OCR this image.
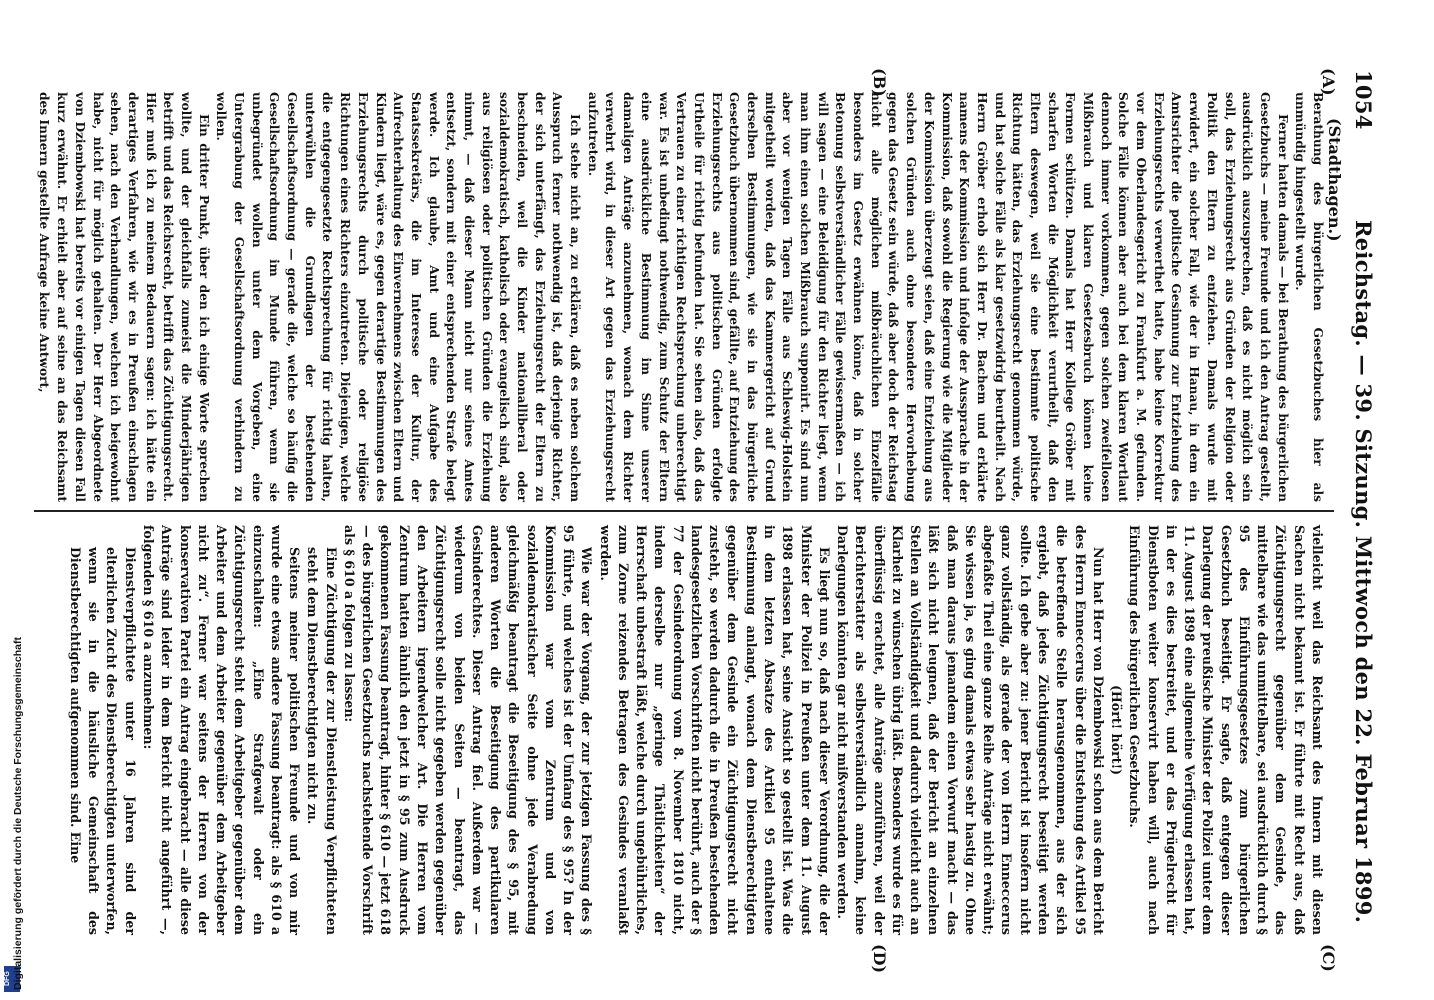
1054
Reichstag. — 39. Sitzung. Mittwoch den 22. Februar 1899.
(Stadthagen.)
(A)
(B)
(C)
(D)

Berathung des bürgerlichen Gesetzbuches hier als unmündig hingestellt wurde.

Ferner hatten damals — bei Berathung des bürgerlichen Gesetzbuchs — meine Freunde und ich den Antrag gestellt, ausdrücklich auszusprechen, daß es nicht möglich sein soll, das Erziehungsrecht aus Gründen der Religion oder Politik den Eltern zu entziehen. Damals wurde mit erwidert, ein solcher Fall, wie der in Hanau, in dem ein Amtsrichter die politische Gesinnung zur Entziehung des Erziehungsrechts verwerthet hatte, habe keine Korrektur vor dem Oberlandesgericht zu Frankfurt a. M. gefunden. Solche Fälle können aber auch bei dem klaren Wortlaut dennoch immer vorkommen, gegen solchen zweifellosen Mißbrauch und klaren Gesetzesbruch können keine Formen schützen. Damals hat Herr Kollege Gröber mit scharfen Worten die Möglichkeit verurtheilt, daß den Eltern deswegen, weil sie eine bestimmte politische Richtung hätten, das Erziehungsrecht genommen würde, und hat solche Fälle als klar gesetzwidrig beurtheilt. Nach Herrn Gröber erhob sich Herr Dr. Bachem und erklärte namens der Kommission und infolge der Aussprache in der Kommission, daß sowohl die Regierung wie die Mitglieder der Kommission überzeugt seien, daß eine Entziehung aus solchen Gründen auch ohne besondere Hervorhebung gegen das Gesetz sein würde, daß aber doch der Reichstag nicht alle möglichen mißbräuchlichen Einzelfälle besonders im Gesetz erwähnen könne, daß in solcher Betonung selbstverständlicher Fälle gewissermaßen — ich will sagen — eine Beleidigung für den Richter liegt, wenn man ihm einen solchen Mißbrauch supponirt. Es sind nun aber vor wenigen Tagen Fälle aus Schleswig-Holstein mitgetheilt worden, daß das Kammergericht auf Grund derselben Bestimmungen, wie sie in das bürgerliche Gesetzbuch übernommen sind, gefällte, auf Entziehung des Erziehungsrechts aus politischen Gründen erfolgte Urtheile für richtig befunden hat. Sie sehen also, daß das Vertrauen zu einer richtigen Rechtsprechung unberechtigt war. Es ist unbedingt nothwendig, zum Schutz der Eltern eine ausdrückliche Bestimmung im Sinne unserer damaligen Anträge anzunehmen, wonach dem Richter verwehrt wird, in dieser Art gegen das Erziehungsrecht aufzutreten.

Ich stehe nicht an, zu erklären, daß es neben solchem Ausspruch ferner nothwendig ist, daß derjenige Richter, der sich unterfängt, das Erziehungsrecht der Eltern zu beschneiden, weil die Kinder nationalliberal oder sozialdemokratisch, katholisch oder evangelisch sind, also aus religiösen oder politischen Gründen die Erziehung nimmt, — daß dieser Mann nicht nur seines Amtes entsetzt, sondern mit einer entsprechenden Strafe belegt werde. Ich glaube, Amt und eine Aufgabe des Staatssekretärs, die im Interesse der Kultur, der Aufrechterhaltung des Einvernehmens zwischen Eltern und Kindern liegt, wäre es, gegen derartige Bestimmungen des Erziehungsrechts durch politische oder religiöse Richtungen eines Richters einzutreten. Diejenigen, welche die entgegengesetzte Rechtsprechung für richtig halten, unterwühlen die Grundlagen der bestehenden Gesellschaftsordnung — gerade die, welche so häufig die Gesellschaftsordnung im Munde führen, wenn sie unbegründet wollen unter dem Vorgeben, eine Untergrabung der Gesellschaftsordnung verhindern zu wollen.

Ein dritter Punkt, über den ich einige Worte sprechen wollte, und der gleichfalls zumeist die Minderjährigen betrifft und das Reichsrecht, betrifft das Züchtigungsrecht. Hier muß ich zu meinem Bedauern sagen: ich hätte ein derartiges Verfahren, wie wir es in Preußen einschlagen sehen, nach den Verhandlungen, welchen ich beigewohnt habe, nicht für möglich gehalten. Der Herr Abgeordnete von Dziembowski hat bereits vor einigen Tagen diesen Fall kurz erwähnt. Er erhielt aber auf seine an das Reichsamt des Innern gestellte Anfrage keine Antwort,

vielleicht weil das Reichsamt des Innern mit diesen Sachen nicht bekannt ist. Er führte mit Recht aus, daß Züchtigungsrecht gegenüber dem Gesinde, das mittelbare wie das unmittelbare, sei ausdrücklich durch § 95 des Einführungsgesetzes zum bürgerlichen Gesetzbuch beseitigt. Er sagte, daß entgegen dieser Darlegung der preußische Minister der Polizei unter dem 11. August 1898 eine allgemeine Verfügung erlassen hat, in der es dies bestreitet, und er das Prügelrecht für Dienstboten weiter konservirt haben will, auch nach Einführung des bürgerlichen Gesetzbuchs.

(Hört! hört!)

Nun hat Herr von Dziembowski schon aus dem Bericht des Herrn Enneccerus über die Entstehung des Artikel 95 die betreffende Stelle herausgenommen, aus der sich ergiebt, daß jedes Züchtigungsrecht beseitigt werden sollte. Ich gebe aber zu: jener Bericht ist insofern nicht ganz vollständig, als gerade der von Herrn Enneccerus abgefaßte Theil eine ganze Reihe Anträge nicht erwähnt; Sie wissen ja, es ging damals etwas sehr hastig zu. Ohne daß man daraus jemandem einen Vorwurf macht — das läßt sich nicht leugnen, daß der Bericht an einzelnen Stellen an Vollständigkeit und dadurch vielleicht auch an Klarheit zu wünschen übrig läßt. Besonders wurde es für überflüssig erachtet, alle Anträge anzuführen, weil der Berichterstatter als selbstverständlich annahm, keine Darlegungen könnten gar nicht mißverstanden werden.

Es liegt nun so, daß nach dieser Verordnung, die der Minister der Polizei in Preußen unter dem 11. August 1898 erlassen hat, seine Ansicht so gestellt ist. Was die in dem letzten Absatze des Artikel 95 enthaltene Bestimmung anlangt, wonach dem Dienstberechtigten gegenüber dem Gesinde ein Züchtigungsrecht nicht zusteht, so werden dadurch die in Preußen bestehenden landesgesetzlichen Vorschriften nicht berührt, auch der § 77 der Gesindeordnung vom 8. November 1810 nicht, indem derselbe nur „geringe Thätlichkeiten“ der Herrschaft unbestraft läßt, welche durch ungebührliches, zum Zorne reizendes Betragen des Gesindes veranlaßt werden.

Wie war der Vorgang, der zur jetzigen Fassung des § 95 führte, und welches ist der Umfang des § 95? In der Kommission war vom Zentrum und von sozialdemokratischer Seite ohne jede Verabredung gleichmäßig beantragt die Beseitigung des § 95, mit anderen Worten die Beseitigung des partikularen Gesinderechtes. Dieser Antrag fiel. Außerdem war — wiederum von beiden Seiten — beantragt, das Züchtigungsrecht solle nicht gegeben werden gegenüber den Arbeitern irgendwelcher Art. Die Herren vom Zentrum hatten ähnlich den jetzt in § 95 zum Ausdruck gekommenen Fassung beantragt, hinter § 610 — jetzt 618 — des bürgerlichen Gesetzbuchs nachstehende Vorschrift als § 610 a folgen zu lassen:

Eine Züchtigung der zur Dienstleistung Verpflichteten steht dem Dienstberechtigten nicht zu.

Seitens meiner politischen Freunde und von mir wurde eine etwas andere Fassung beantragt: als § 610 a einzuschalten: „Eine Strafgewalt oder ein Züchtigungsrecht steht dem Arbeitgeber gegenüber dem Arbeiter und dem Arbeiter gegenüber dem Arbeitgeber nicht zu“. Ferner war seitens der Herren von der konservativen Partei ein Antrag eingebracht — alle diese Anträge sind leider in dem Bericht nicht angeführt —, folgenden § 610 a anzunehmen:

Dienstverpflichtete unter 16 Jahren sind der elterlichen Zucht des Dienstberechtigten unterworfen, wenn sie in die häusliche Gemeinschaft des Dienstberechtigten aufgenommen sind. Eine

DFG Digitalisierung gefördert durch die Deutsche Forschungsgemeinschaft
